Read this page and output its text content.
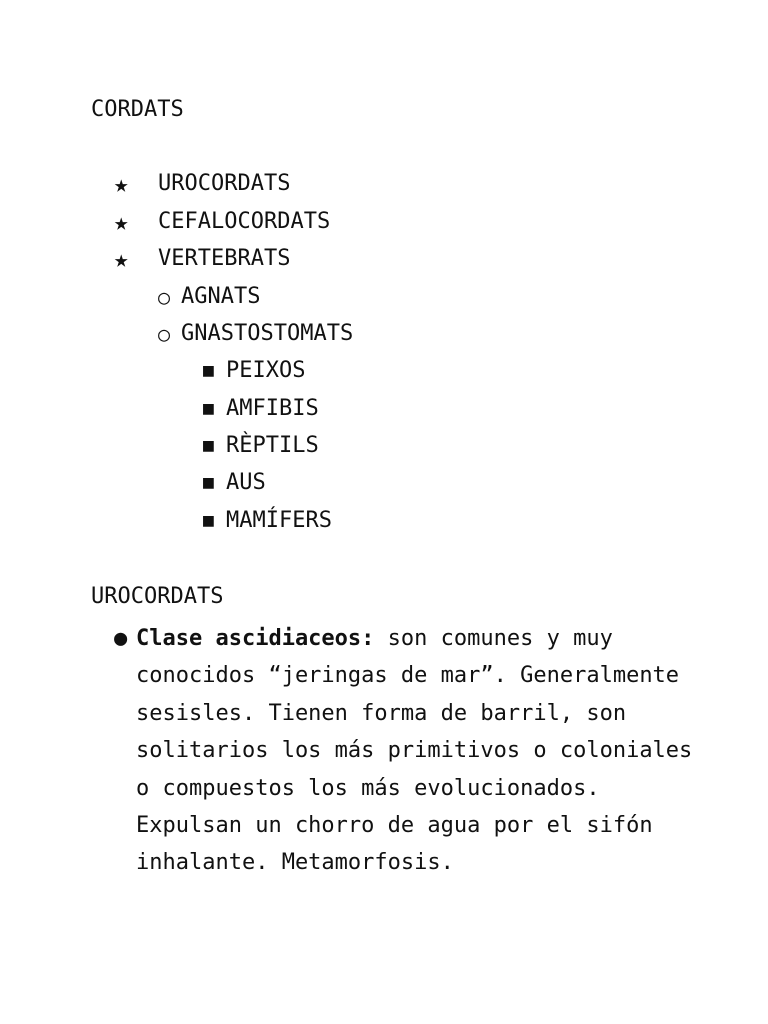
CORDATS
★ UROCORDATS
★ CEFALOCORDATS
★ VERTEBRATS
○ AGNATS
○ GNASTOSTOMATS
■ PEIXOS
■ AMFIBIS
■ RÈPTILS
■ AUS
■ MAMÍFERS
UROCORDATS
● Clase ascidiaceos: son comunes y muy conocidos “jeringas de mar”. Generalmente sesisles. Tienen forma de barril, son solitarios los más primitivos o coloniales o compuestos los más evolucionados. Expulsan un chorro de agua por el sifón inhalante. Metamorfosis.
